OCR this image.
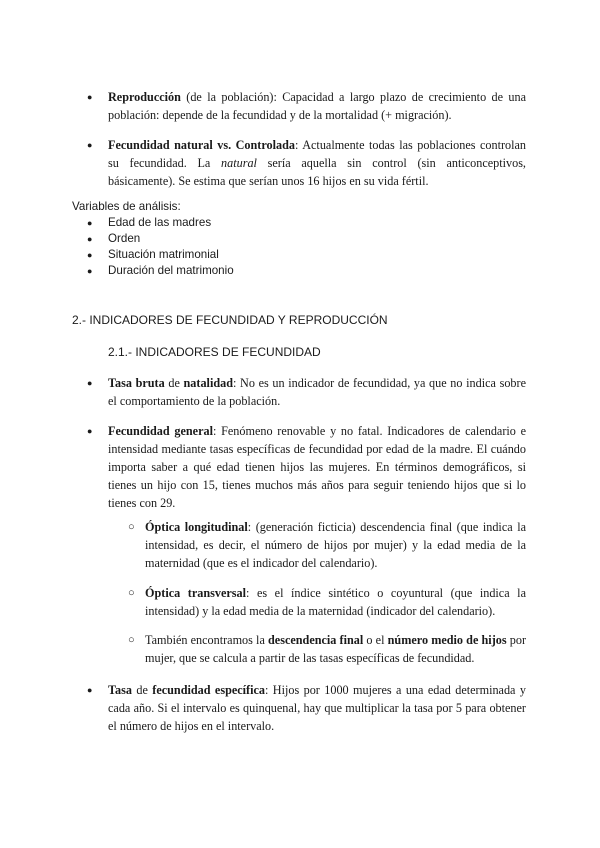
● Reproducción (de la población): Capacidad a largo plazo de crecimiento de una población: depende de la fecundidad y de la mortalidad (+ migración).
● Fecundidad natural vs. Controlada: Actualmente todas las poblaciones controlan su fecundidad. La natural sería aquella sin control (sin anticonceptivos, básicamente). Se estima que serían unos 16 hijos en su vida fértil.
Variables de análisis:
● Edad de las madres
● Orden
● Situación matrimonial
● Duración del matrimonio
2.- INDICADORES DE FECUNDIDAD Y REPRODUCCIÓN
2.1.- INDICADORES DE FECUNDIDAD
● Tasa bruta de natalidad: No es un indicador de fecundidad, ya que no indica sobre el comportamiento de la población.
● Fecundidad general: Fenómeno renovable y no fatal. Indicadores de calendario e intensidad mediante tasas específicas de fecundidad por edad de la madre. El cuándo importa saber a qué edad tienen hijos las mujeres. En términos demográficos, si tienes un hijo con 15, tienes muchos más años para seguir teniendo hijos que si lo tienes con 29.
○ Óptica longitudinal: (generación ficticia) descendencia final (que indica la intensidad, es decir, el número de hijos por mujer) y la edad media de la maternidad (que es el indicador del calendario).
○ Óptica transversal: es el índice sintético o coyuntural (que indica la intensidad) y la edad media de la maternidad (indicador del calendario).
○ También encontramos la descendencia final o el número medio de hijos por mujer, que se calcula a partir de las tasas específicas de fecundidad.
● Tasa de fecundidad específica: Hijos por 1000 mujeres a una edad determinada y cada año. Si el intervalo es quinquenal, hay que multiplicar la tasa por 5 para obtener el número de hijos en el intervalo.
